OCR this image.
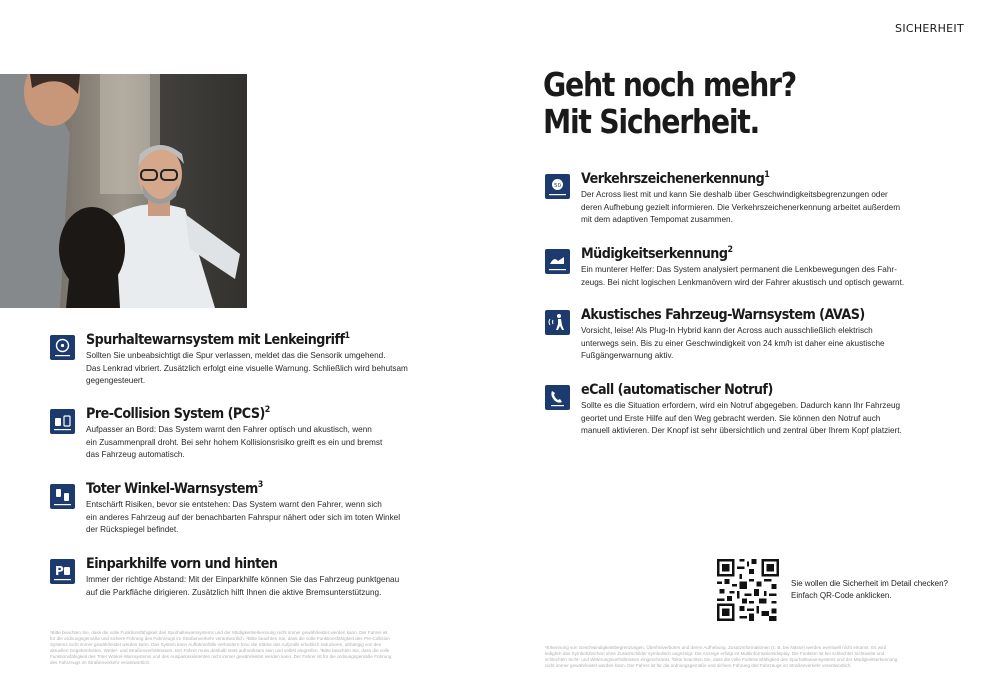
SICHERHEIT
Geht noch mehr?
Mit Sicherheit.
Spurhaltewarnsystem mit Lenkeingriff$^1$
Sollten Sie unbeabsichtigt die Spur verlassen, meldet das die Sensorik umgehend.
Das Lenkrad vibriert. Zusätzlich erfolgt eine visuelle Warnung. Schließlich wird behutsam
gegengesteuert.
Pre-Collision System (PCS)$^2$
Aufpasser an Bord: Das System warnt den Fahrer optisch und akustisch, wenn
ein Zusammenprall droht. Bei sehr hohem Kollisionsrisiko greift es ein und bremst
das Fahrzeug automatisch.
Toter Winkel-Warnsystem$^3$
Entschärft Risiken, bevor sie entstehen: Das System warnt den Fahrer, wenn sich
ein anderes Fahrzeug auf der benachbarten Fahrspur nähert oder sich im toten Winkel
der Rückspiegel befindet.
P Einparkhilfe vorn und hinten
Immer der richtige Abstand: Mit der Einparkhilfe können Sie das Fahrzeug punktgenau
auf die Parkfläche dirigieren. Zusätzlich hilft Ihnen die aktive Bremsunterstützung.
50 Verkehrszeichenerkennung$^1$
Der Across liest mit und kann Sie deshalb über Geschwindigkeitsbegrenzungen oder
deren Aufhebung gezielt informieren. Die Verkehrszeichenerkennung arbeitet außerdem
mit dem adaptiven Tempomat zusammen.
Müdigkeitserkennung$^2$
Ein munterer Helfer: Das System analysiert permanent die Lenkbewegungen des Fahr-
zeugs. Bei nicht logischen Lenkmanövern wird der Fahrer akustisch und optisch gewarnt.
Akustisches Fahrzeug-Warnsystem (AVAS)
Vorsicht, leise! Als Plug-In Hybrid kann der Across auch ausschließlich elektrisch
unterwegs sein. Bis zu einer Geschwindigkeit von 24 km/h ist daher eine akustische
Fußgängerwarnung aktiv.
eCall (automatischer Notruf)
Sollte es die Situation erfordern, wird ein Notruf abgegeben. Dadurch kann Ihr Fahrzeug
geortet und Erste Hilfe auf den Weg gebracht werden. Sie können den Notruf auch
manuell aktivieren. Der Knopf ist sehr übersichtlich und zentral über Ihrem Kopf platziert.
Sie wollen die Sicherheit im Detail checken?
Einfach QR-Code anklicken.
¹Bitte beachten Sie, dass die volle Funktionsfähigkeit des Spurhaltewarnsystems und der Müdigkeitserkennung nicht immer gewährleistet werden kann. Der Fahrer ist
für die ordnungsgemäße und sichere Führung des Fahrzeugs im Straßenverkehr verantwortlich. ²Bitte beachten Sie, dass die volle Funktionsfähigkeit des Pre-Collision
Systems nicht immer gewährleistet werden kann. Das System kann Auffahrunfälle verhindern bzw. die Stärke des Aufpralls erheblich reduzieren, abhängig von den
aktuellen Gegebenheiten, Wetter- und Straßenverhältnissen. Der Fahrer muss deshalb stets aufmerksam sein und selbst eingreifen. ³Bitte beachten Sie, dass die volle
Funktionsfähigkeit des Toter Winkel-Warnsystems und des Ausparkassistenten nicht immer gewährleistet werden kann. Der Fahrer ist für die ordnungsgemäße Führung
des Fahrzeugs im Straßenverkehr verantwortlich.
¹Erkennung von Geschwindigkeitsbegrenzungen, Überholverboten und deren Aufhebung. Zusatzinformationen (z. B. bei Nässe) werden eventuell nicht erkannt. Es wird
lediglich das Symbol/Zeichen ohne Zusatzschilder symbolisch angezeigt. Die Anzeige erfolgt im Multiinformationsdisplay. Die Funktion ist bei schlechter Sichtweite und
schlechten Sicht- und Witterungsverhältnissen eingeschränkt. ²Bitte beachten Sie, dass die volle Funktionsfähigkeit des Spurhaltewarnsystems und der Müdigkeitserkennung
nicht immer gewährleistet werden kann. Der Fahrer ist für die ordnungsgemäße und sichere Führung des Fahrzeugs im Straßenverkehr verantwortlich.
